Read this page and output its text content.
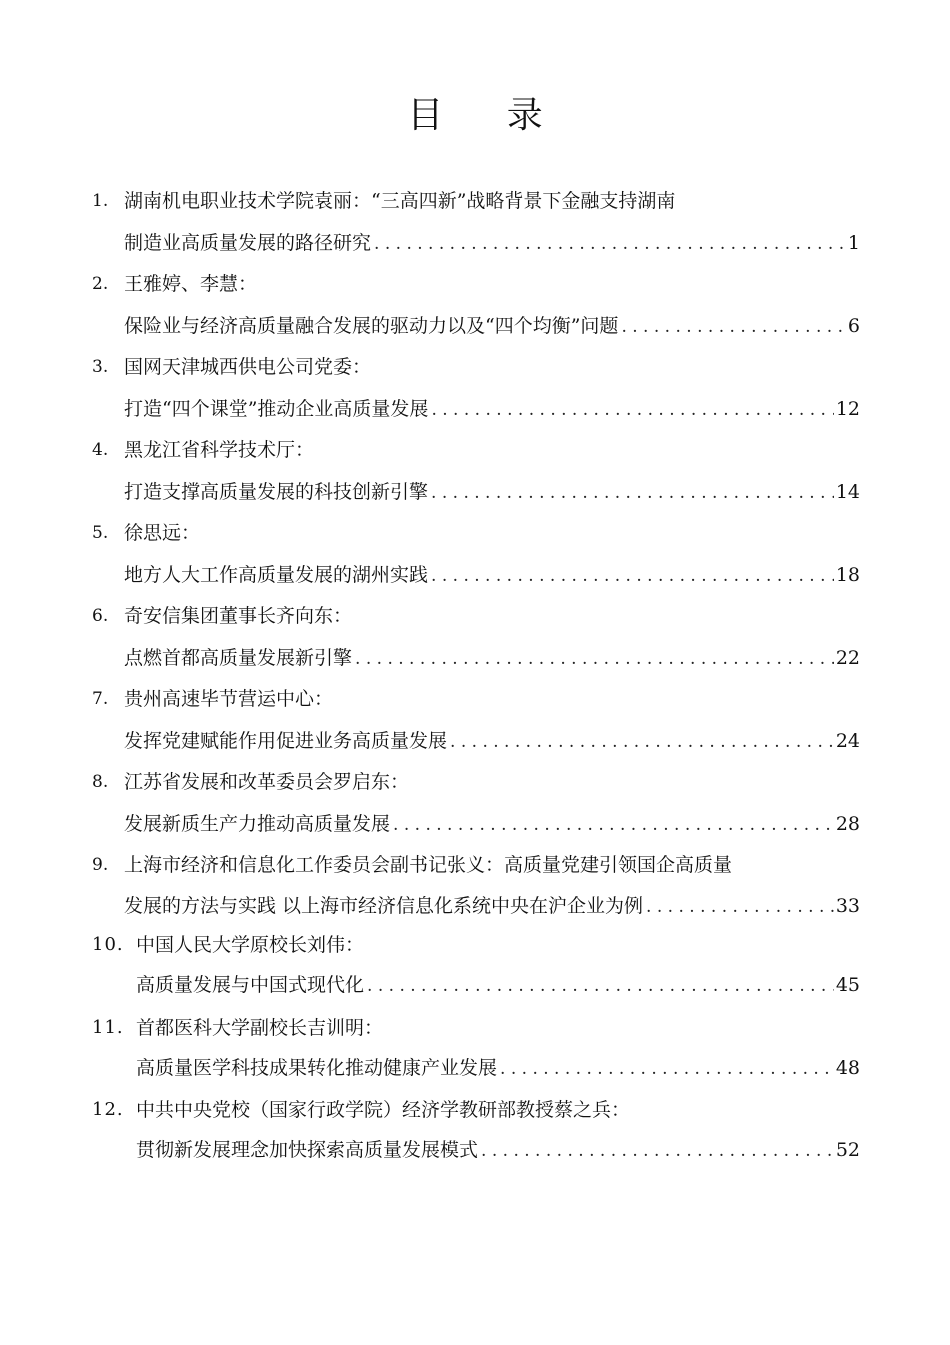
目 录
1. 湖南机电职业技术学院袁丽：“三高四新”战略背景下金融支持湖南
制造业高质量发展的路径研究 . . .	1
2. 王雅婷、李慧：
保险业与经济高质量融合发展的驱动力以及“四个均衡”问题 . . .	6
3. 国网天津城西供电公司党委：
打造“四个课堂”推动企业高质量发展 . . .	12
4. 黑龙江省科学技术厅：
打造支撑高质量发展的科技创新引擎 . . .	14
5. 徐思远：
地方人大工作高质量发展的湖州实践 . . .	18
6. 奇安信集团董事长齐向东：
点燃首都高质量发展新引擎 . . .	22
7. 贵州高速毕节营运中心：
发挥党建赋能作用促进业务高质量发展 . . .	24
8. 江苏省发展和改革委员会罗启东：
发展新质生产力推动高质量发展 . . .	28
9. 上海市经济和信息化工作委员会副书记张义：高质量党建引领国企高质量
发展的方法与实践 以上海市经济信息化系统中央在沪企业为例 . . .	33
10. 中国人民大学原校长刘伟：
高质量发展与中国式现代化 . . .	45
11. 首都医科大学副校长吉训明：
高质量医学科技成果转化推动健康产业发展 . . .	48
12. 中共中央党校（国家行政学院）经济学教研部教授蔡之兵：
贯彻新发展理念加快探索高质量发展模式 . . .	52
